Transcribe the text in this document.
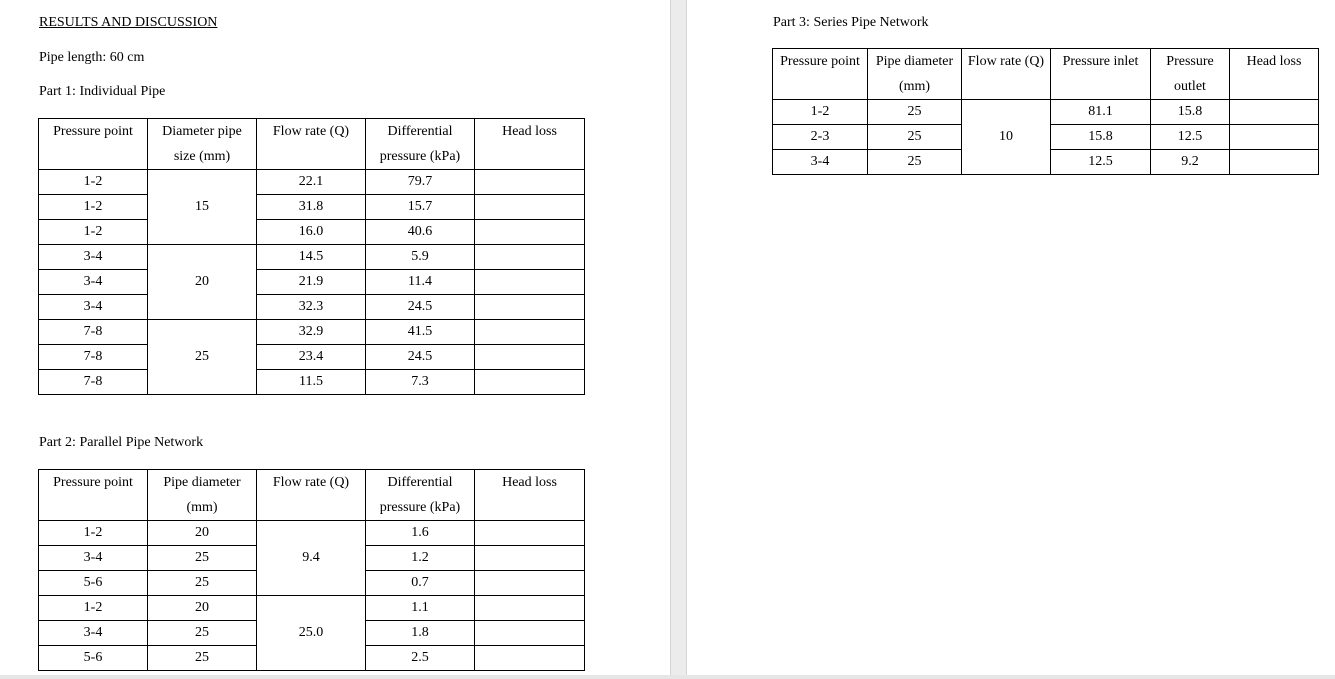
RESULTS AND DISCUSSION
Pipe length: 60 cm
Part 1: Individual Pipe
Pressure point	Diameter pipe size (mm)	Flow rate (Q)	Differential pressure (kPa)	Head loss
1-2	15	22.1	79.7	
1-2		31.8	15.7	
1-2		16.0	40.6	
3-4	20	14.5	5.9	
3-4		21.9	11.4	
3-4		32.3	24.5	
7-8	25	32.9	41.5	
7-8		23.4	24.5	
7-8		11.5	7.3	
Part 2: Parallel Pipe Network
Pressure point	Pipe diameter (mm)	Flow rate (Q)	Differential pressure (kPa)	Head loss
1-2	20	9.4	1.6	
3-4	25		1.2	
5-6	25		0.7	
1-2	20	25.0	1.1	
3-4	25		1.8	
5-6	25		2.5	
Part 3: Series Pipe Network
Pressure point	Pipe diameter (mm)	Flow rate (Q)	Pressure inlet	Pressure outlet	Head loss
1-2	25	10	81.1	15.8	
2-3	25		15.8	12.5	
3-4	25		12.5	9.2	
